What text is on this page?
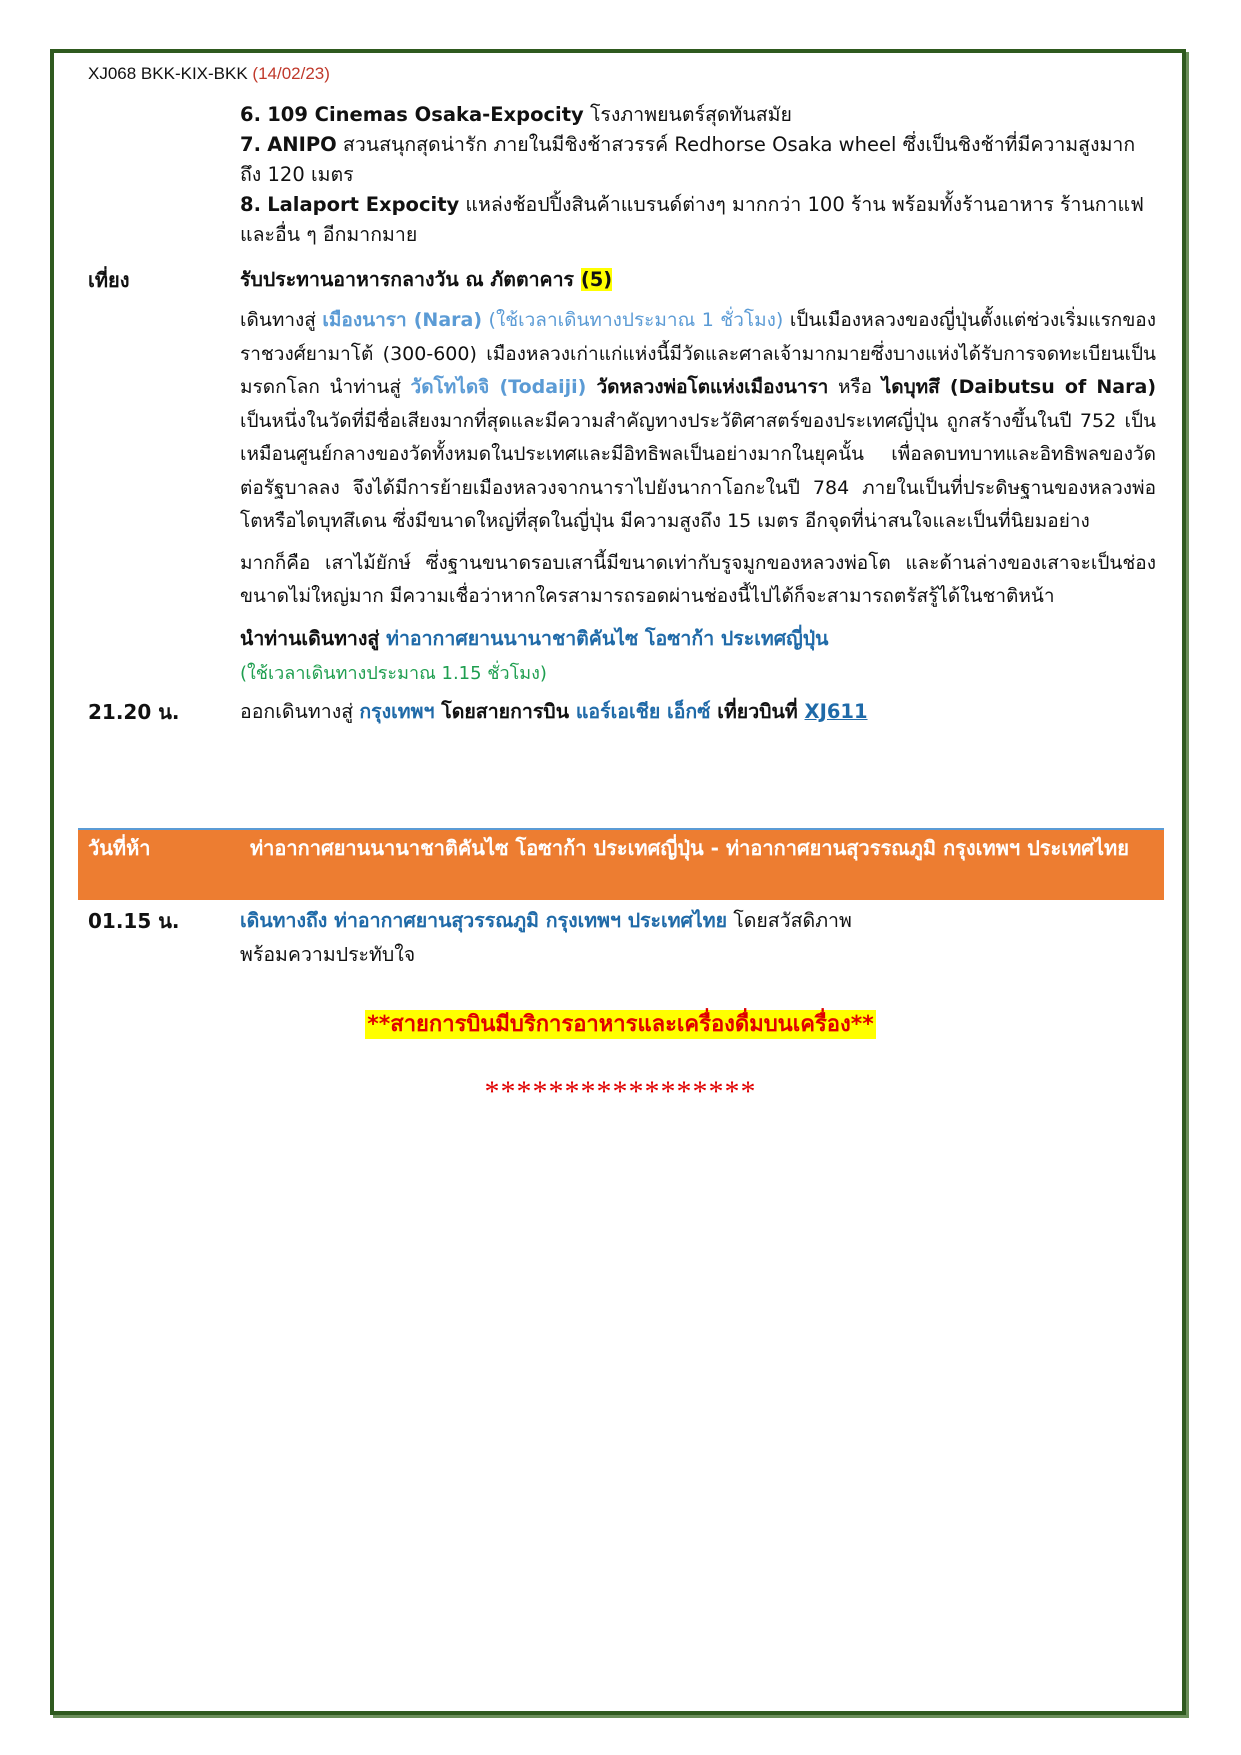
XJ068 BKK-KIX-BKK (14/02/23)
6. 109 Cinemas Osaka-Expocity โรงภาพยนตร์สุดทันสมัย
7. ANIPO สวนสนุกสุดน่ารัก ภายในมีชิงช้าสวรรค์ Redhorse Osaka wheel ซึ่งเป็นชิงช้าที่มีความสูงมากถึง 120 เมตร
8. Lalaport Expocity แหล่งช้อปปิ้งสินค้าแบรนด์ต่างๆ มากกว่า 100 ร้าน พร้อมทั้งร้านอาหาร ร้านกาแฟ และอื่น ๆ อีกมากมาย
เที่ยง	รับประทานอาหารกลางวัน ณ ภัตตาคาร (5)
เดินทางสู่ เมืองนารา (Nara) (ใช้เวลาเดินทางประมาณ 1 ชั่วโมง) เป็นเมืองหลวงของญี่ปุ่นตั้งแต่ช่วงเริ่มแรกของราชวงศ์ยามาโต้ (300-600) เมืองหลวงเก่าแก่แห่งนี้มีวัดและศาลเจ้ามากมายซึ่งบางแห่งได้รับการจดทะเบียนเป็นมรดกโลก นำท่านสู่ วัดโทไดจิ (Todaiji) วัดหลวงพ่อโตแห่งเมืองนารา หรือ ไดบุทสึ (Daibutsu of Nara) เป็นหนึ่งในวัดที่มีชื่อเสียงมากที่สุดและมีความสำคัญทางประวัติศาสตร์ของประเทศญี่ปุ่น ถูกสร้างขึ้นในปี 752 เป็นเหมือนศูนย์กลางของวัดทั้งหมดในประเทศและมีอิทธิพลเป็นอย่างมากในยุคนั้น เพื่อลดบทบาทและอิทธิพลของวัดต่อรัฐบาลลง จึงได้มีการย้ายเมืองหลวงจากนาราไปยังนากาโอกะในปี 784 ภายในเป็นที่ประดิษฐานของหลวงพ่อโตหรือไดบุทสึเดน ซึ่งมีขนาดใหญ่ที่สุดในญี่ปุ่น มีความสูงถึง 15 เมตร อีกจุดที่น่าสนใจและเป็นที่นิยมอย่าง
มากก็คือ เสาไม้ยักษ์ ซึ่งฐานขนาดรอบเสานี้มีขนาดเท่ากับรูจมูกของหลวงพ่อโต และด้านล่างของเสาจะเป็นช่องขนาดไม่ใหญ่มาก มีความเชื่อว่าหากใครสามารถรอดผ่านช่องนี้ไปได้ก็จะสามารถตรัสรู้ได้ในชาติหน้า
นำท่านเดินทางสู่ ท่าอากาศยานนานาชาติคันไซ โอซาก้า ประเทศญี่ปุ่น
(ใช้เวลาเดินทางประมาณ 1.15 ชั่วโมง)
21.20 น.	ออกเดินทางสู่ กรุงเทพฯ โดยสายการบิน แอร์เอเชีย เอ็กซ์ เที่ยวบินที่ XJ611
วันที่ห้า	ท่าอากาศยานนานาชาติคันไซ โอซาก้า ประเทศญี่ปุ่น - ท่าอากาศยานสุวรรณภูมิ กรุงเทพฯ ประเทศไทย
01.15 น.	เดินทางถึง ท่าอากาศยานสุวรรณภูมิ กรุงเทพฯ ประเทศไทย โดยสวัสดิภาพ
พร้อมความประทับใจ
**สายการบินมีบริการอาหารและเครื่องดื่มบนเครื่อง**
*****************
